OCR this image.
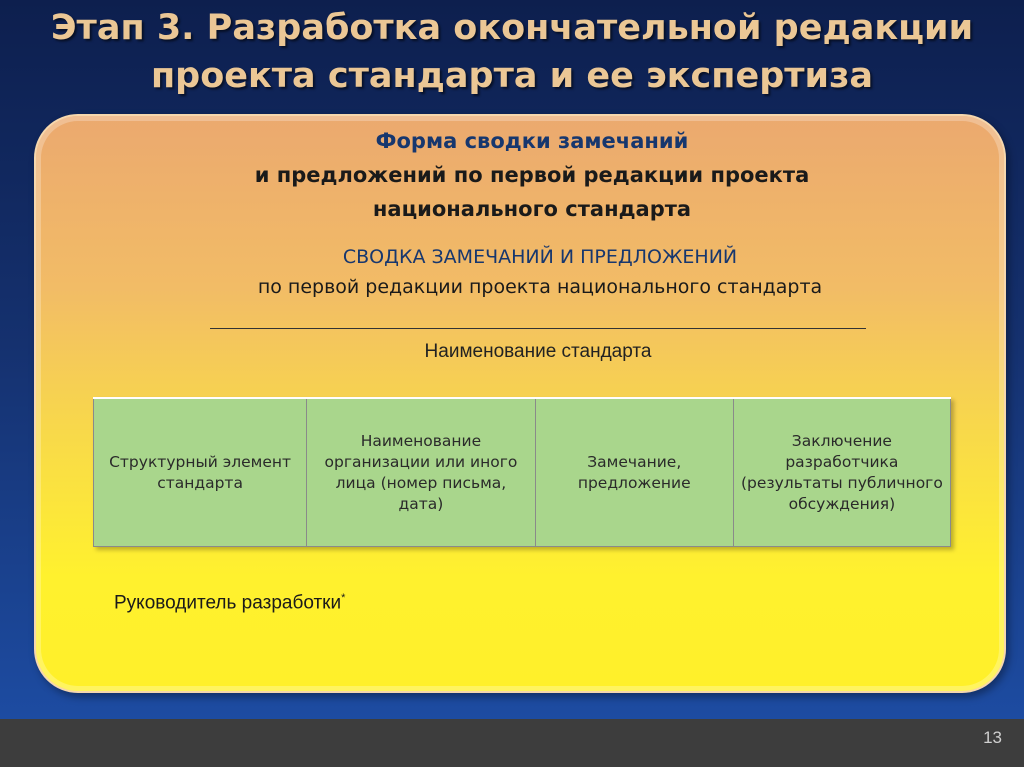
Этап 3. Разработка окончательной редакции
проекта стандарта и ее экспертиза
Форма сводки замечаний
и предложений по первой редакции проекта
национального стандарта
СВОДКА ЗАМЕЧАНИЙ И ПРЕДЛОЖЕНИЙ
по первой редакции проекта национального стандарта
Наименование стандарта
Структурный элемент стандарта	Наименование организации или иного лица (номер письма, дата)	Замечание, предложение	Заключение разработчика (результаты публичного обсуждения)
Руководитель разработки*
13
